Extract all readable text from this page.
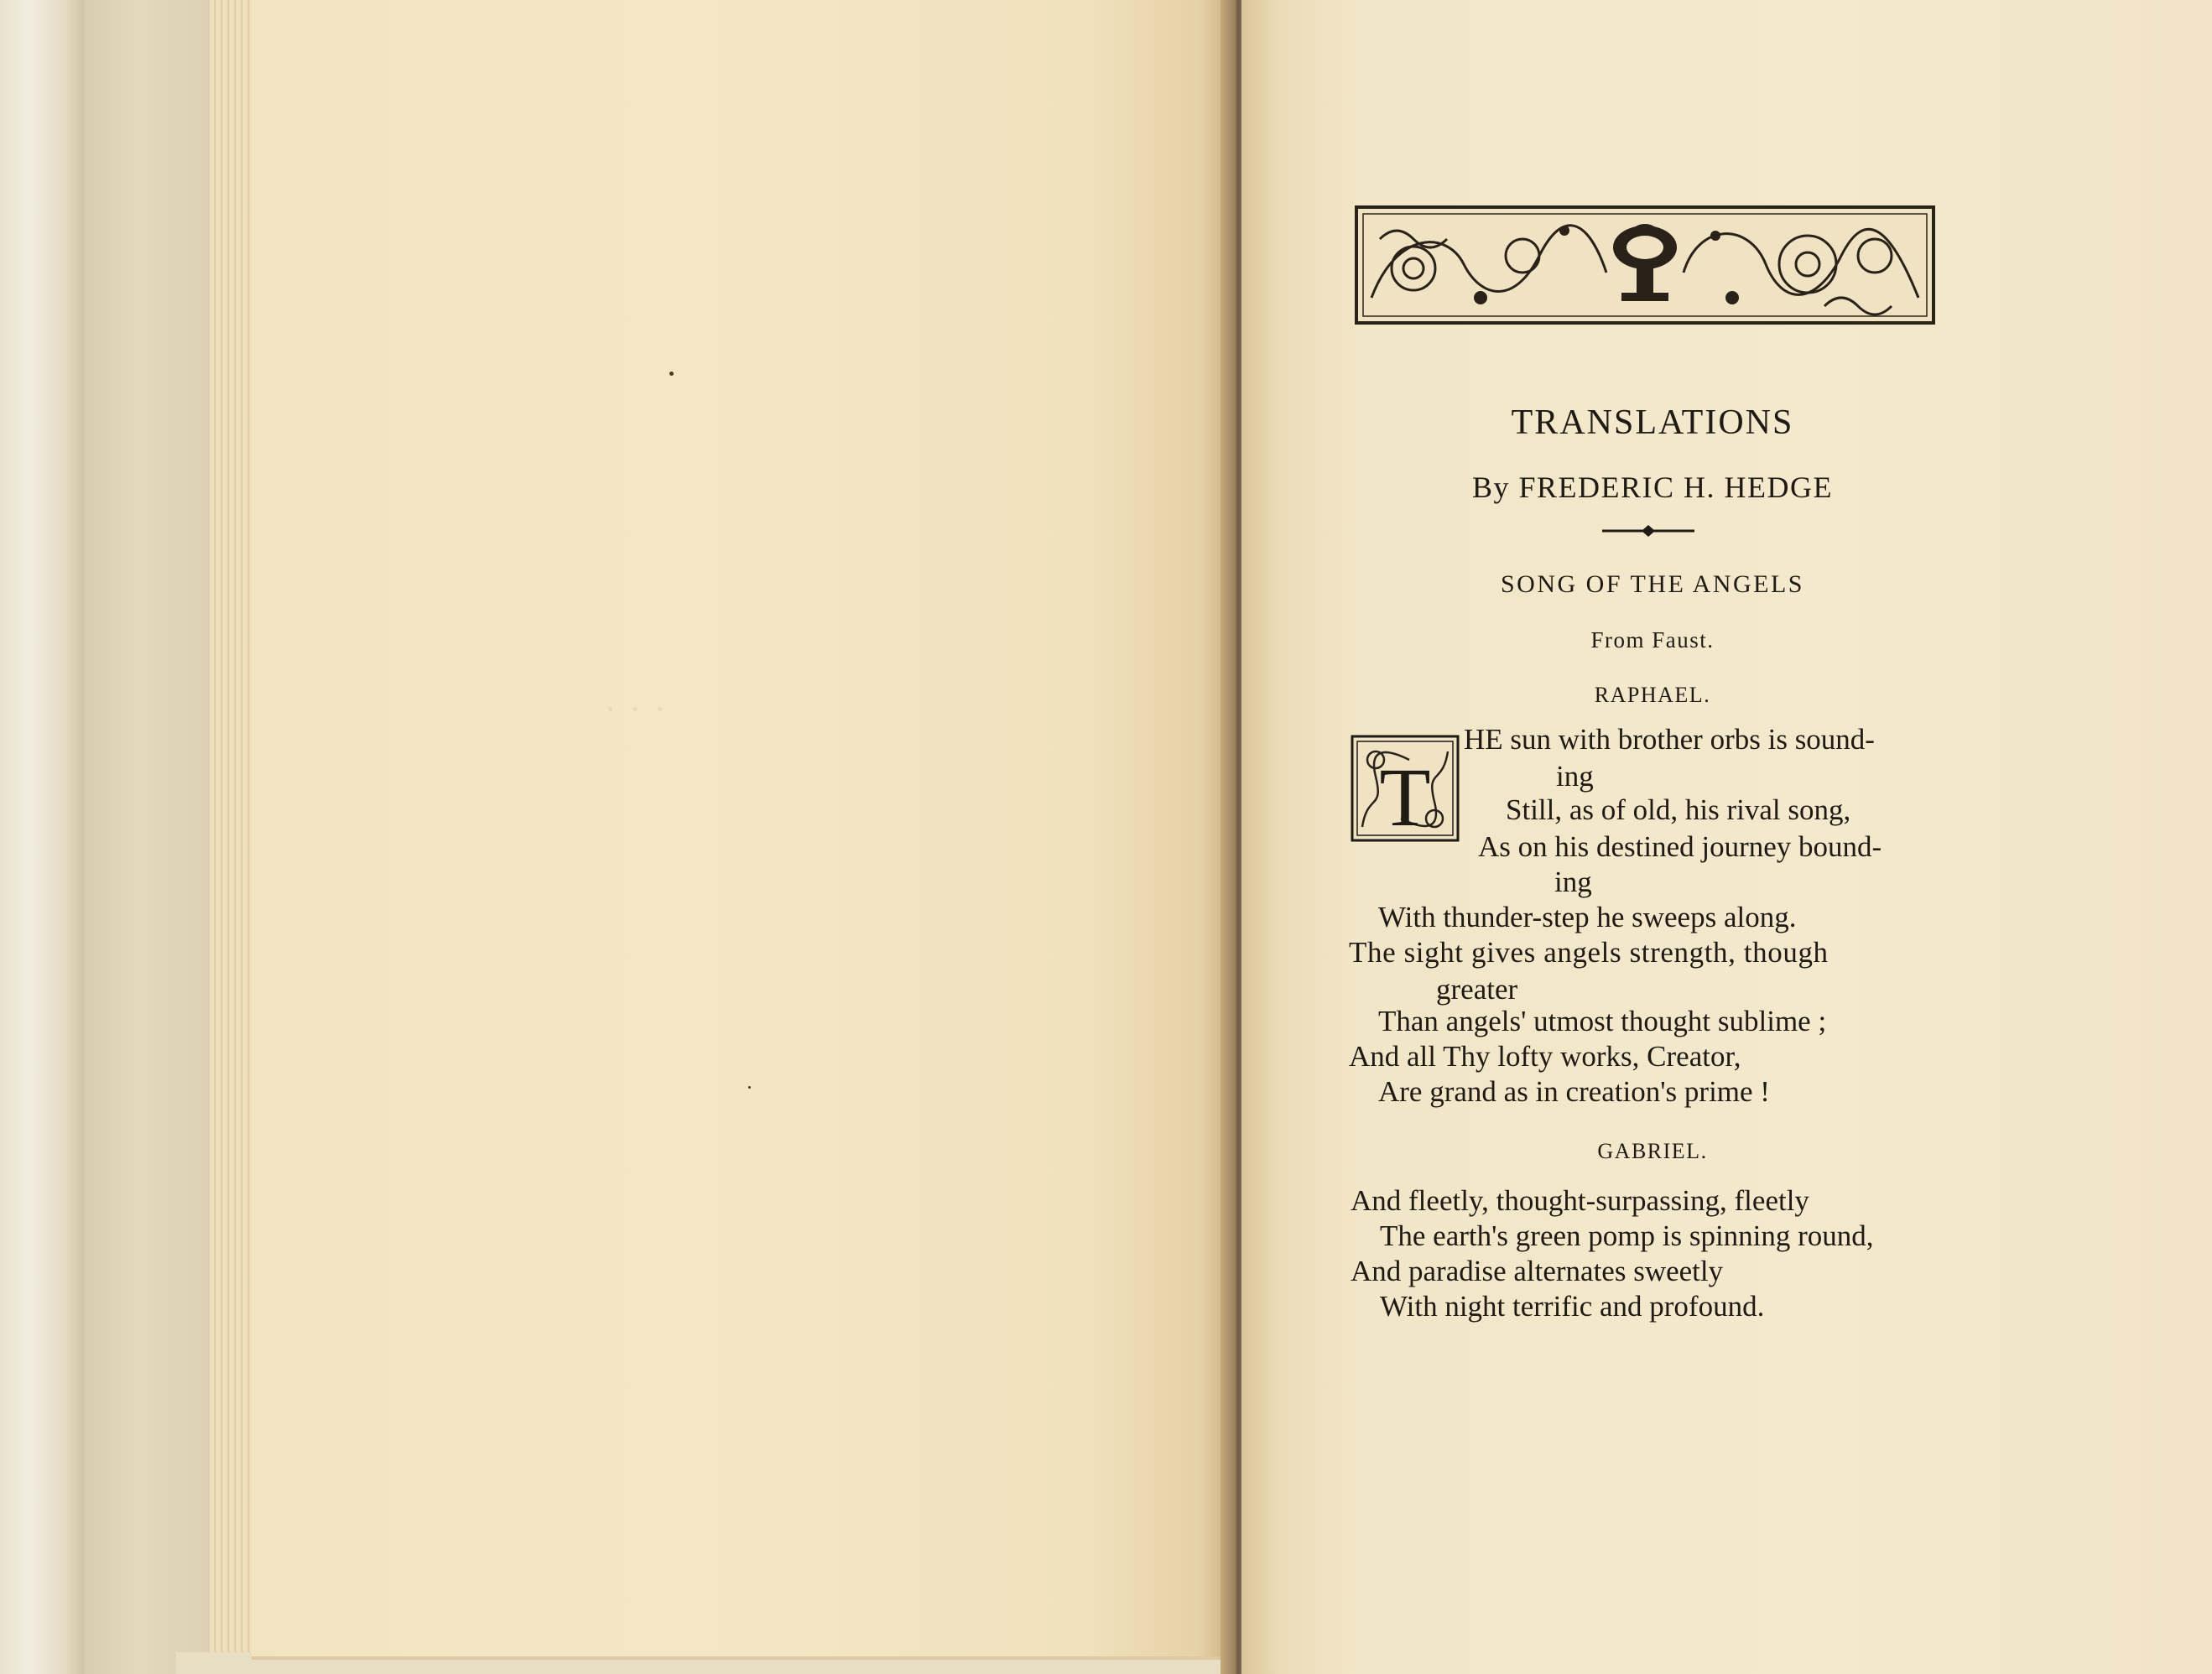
· · ·
TRANSLATIONS
By FREDERIC H. HEDGE
SONG OF THE ANGELS
From Faust.
RAPHAEL.
T
HE sun with brother orbs is sound-
ing
Still, as of old, his rival song,
As on his destined journey bound-
ing
With thunder-step he sweeps along.
The sight gives angels strength, though
greater
Than angels' utmost thought sublime ;
And all Thy lofty works, Creator,
Are grand as in creation's prime !
GABRIEL.
And fleetly, thought-surpassing, fleetly
The earth's green pomp is spinning round,
And paradise alternates sweetly
With night terrific and profound.
